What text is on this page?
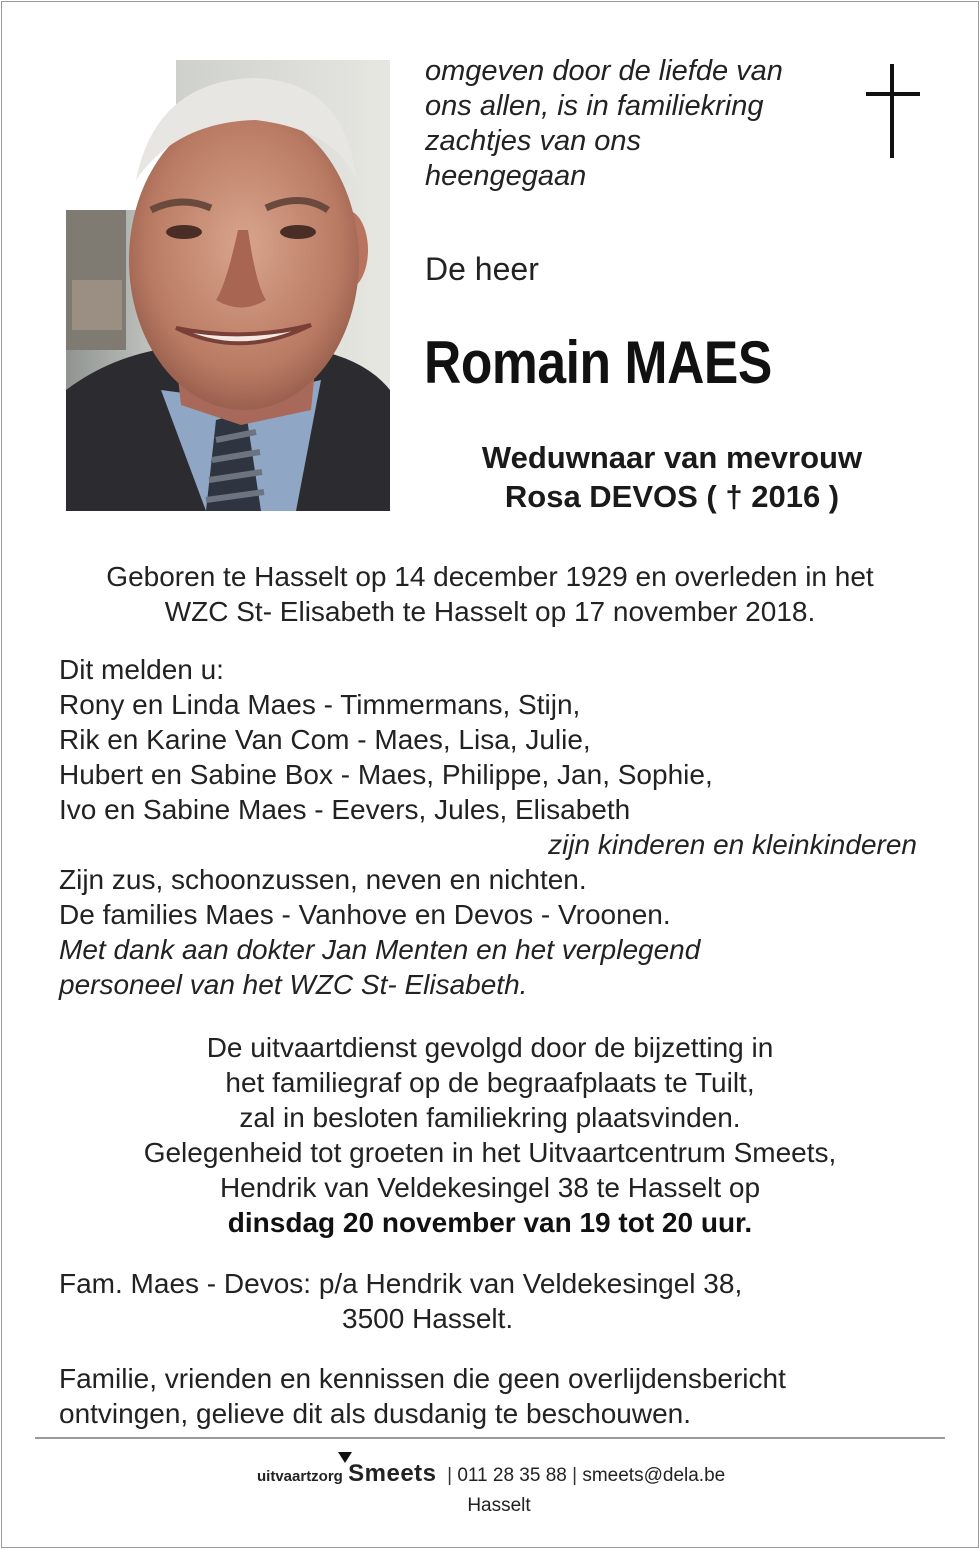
omgeven door de liefde van
ons allen, is in familiekring
zachtjes van ons
heengegaan
De heer
Romain MAES
Weduwnaar van mevrouw
Rosa DEVOS ( † 2016 )
Geboren te Hasselt op 14 december 1929 en overleden in het
WZC St- Elisabeth te Hasselt op 17 november 2018.
Dit melden u:
Rony en Linda Maes - Timmermans, Stijn,
Rik en Karine Van Com - Maes, Lisa, Julie,
Hubert en Sabine Box - Maes, Philippe, Jan, Sophie,
Ivo en Sabine Maes - Eevers, Jules, Elisabeth
zijn kinderen en kleinkinderen
Zijn zus, schoonzussen, neven en nichten.
De families Maes - Vanhove en Devos - Vroonen.
Met dank aan dokter Jan Menten en het verplegend
personeel van het WZC St- Elisabeth.
De uitvaartdienst gevolgd door de bijzetting in
het familiegraf op de begraafplaats te Tuilt,
zal in besloten familiekring plaatsvinden.
Gelegenheid tot groeten in het Uitvaartcentrum Smeets,
Hendrik van Veldekesingel 38 te Hasselt op
dinsdag 20 november van 19 tot 20 uur.
Fam. Maes - Devos: p/a Hendrik van Veldekesingel 38,
3500 Hasselt.
Familie, vrienden en kennissen die geen overlijdensbericht
ontvingen, gelieve dit als dusdanig te beschouwen.
uitvaartzorg Smeets  | 011 28 35 88 | smeets@dela.be
Hasselt
